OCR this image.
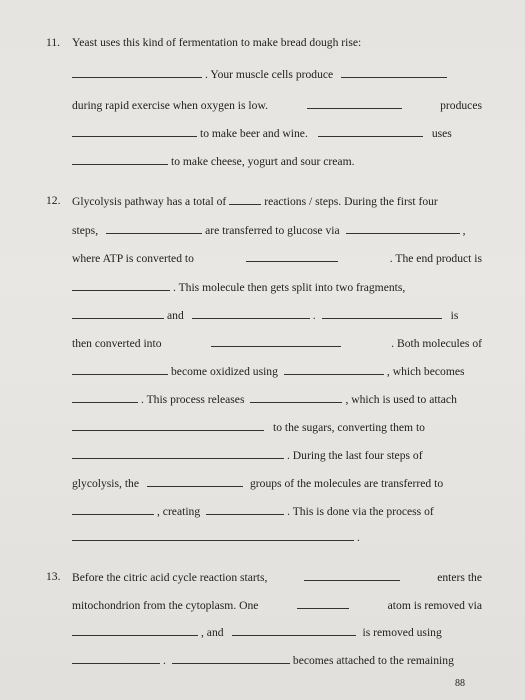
11. Yeast uses this kind of fermentation to make bread dough rise:
. Your muscle cells produce
during rapid exercise when oxygen is low.	produces
to make beer and wine.	uses
to make cheese, yogurt and sour cream.
12. Glycolysis pathway has a total of	reactions / steps. During the first four
steps,	are transferred to glucose via	,
where ATP is converted to	. The end product is
. This molecule then gets split into two fragments,
and	.	is
then converted into	. Both molecules of
become oxidized using	, which becomes
. This process releases	, which is used to attach
to the sugars, converting them to
. During the last four steps of
glycolysis, the	groups of the molecules are transferred to
, creating	. This is done via the process of
.
13. Before the citric acid cycle reaction starts,	enters the
mitochondrion from the cytoplasm. One	atom is removed via
, and	is removed using
.	becomes attached to the remaining
88
